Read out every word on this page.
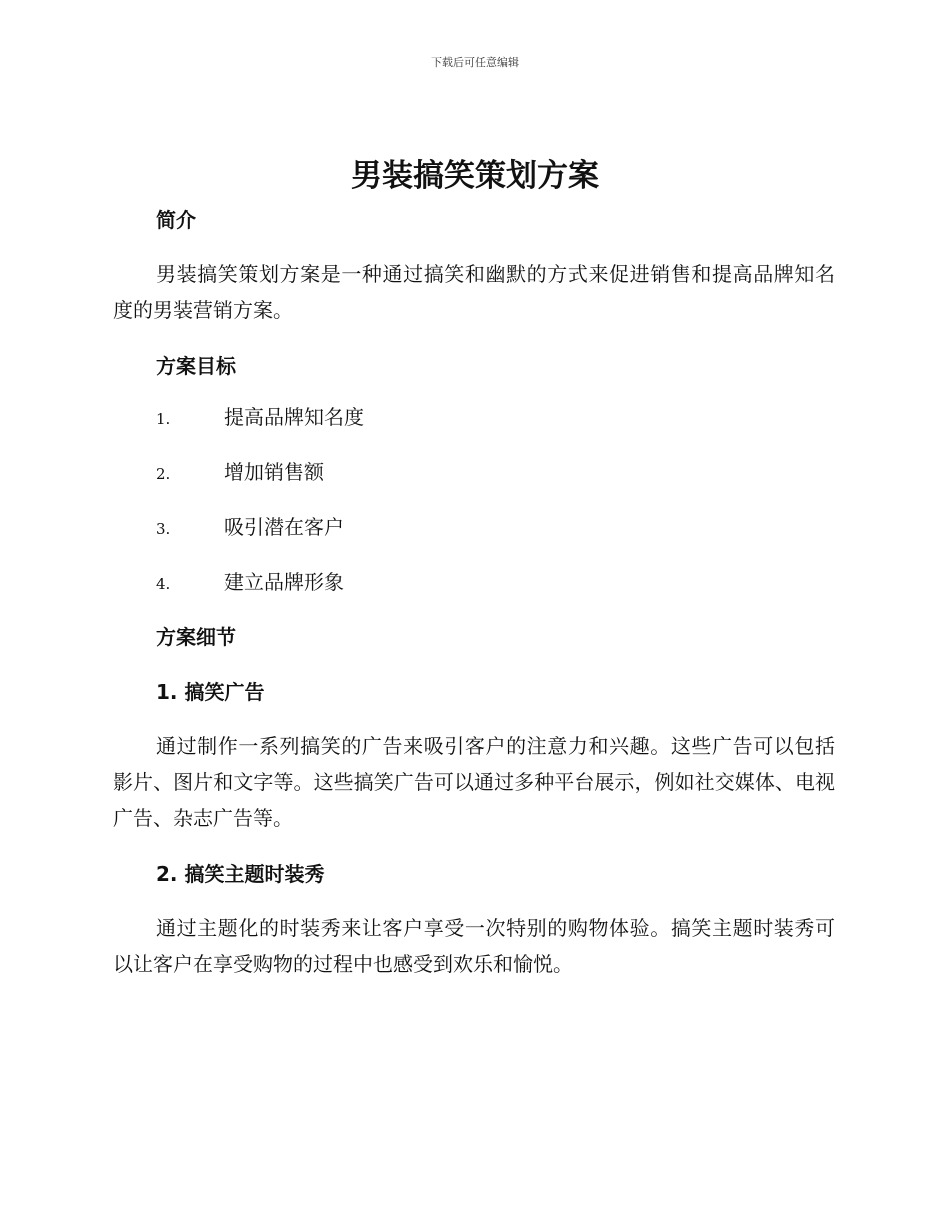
下载后可任意编辑
男装搞笑策划方案
简介

男装搞笑策划方案是一种通过搞笑和幽默的方式来促进销售和提高品牌知名度的男装营销方案。

方案目标
1.	提高品牌知名度
2.	增加销售额
3.	吸引潜在客户
4.	建立品牌形象
方案细节
1. 搞笑广告

通过制作一系列搞笑的广告来吸引客户的注意力和兴趣。这些广告可以包括影片、图片和文字等。这些搞笑广告可以通过多种平台展示，例如社交媒体、电视广告、杂志广告等。

2. 搞笑主题时装秀

通过主题化的时装秀来让客户享受一次特别的购物体验。搞笑主题时装秀可以让客户在享受购物的过程中也感受到欢乐和愉悦。
